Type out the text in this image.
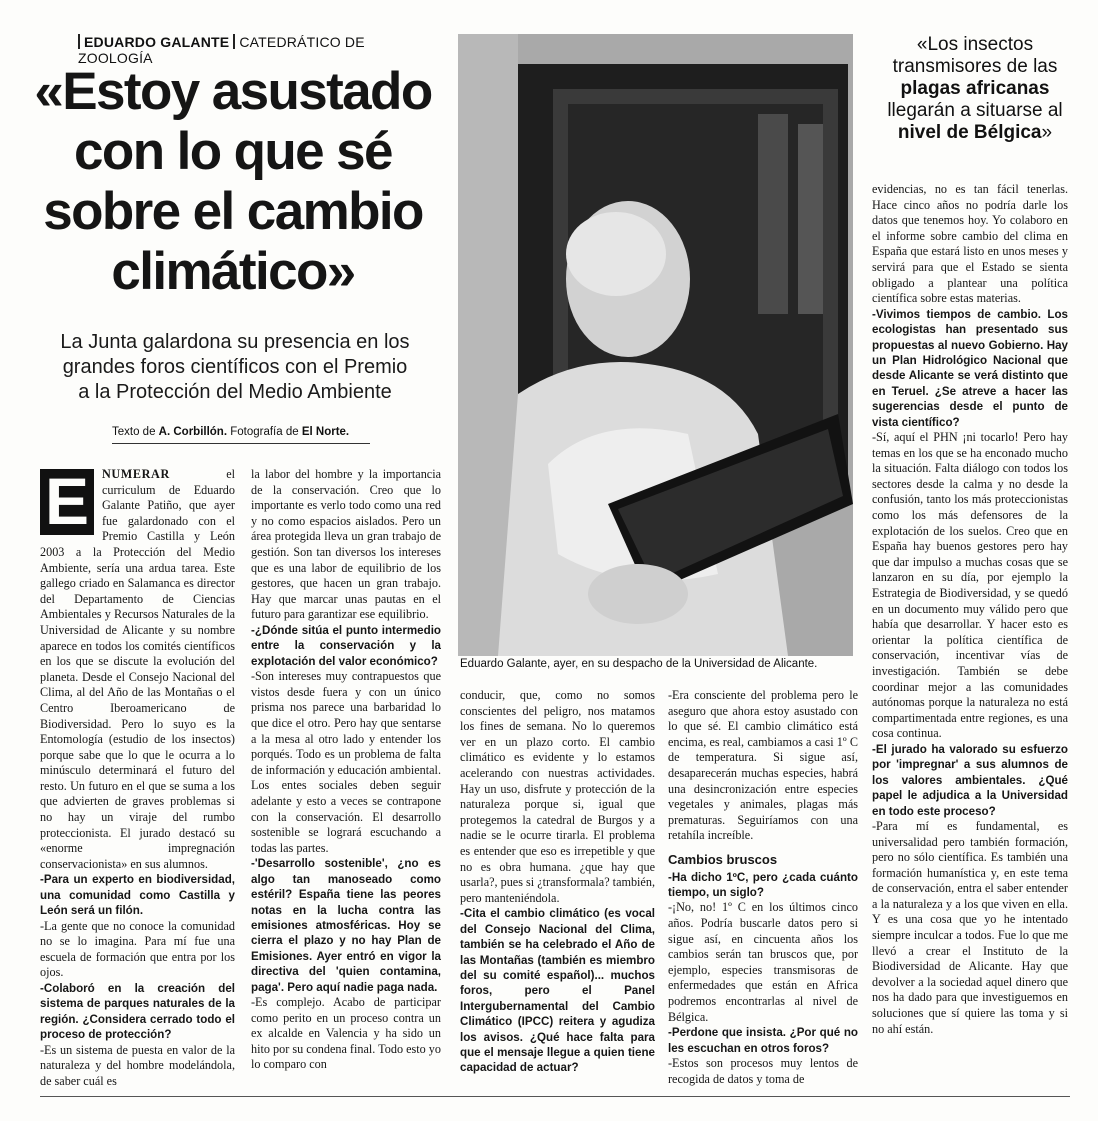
EDUARDO GALANTE CATEDRÁTICO DE ZOOLOGÍA
«Estoy asustado
con lo que sé
sobre el cambio
climático»
La Junta galardona su presencia en los
grandes foros científicos con el Premio
a la Protección del Medio Ambiente
Texto de A. Corbillón. Fotografía de El Norte.
Eduardo Galante, ayer, en su despacho de la Universidad de Alicante.
«Los insectos transmisores de las plagas africanas llegarán a situarse al nivel de Bélgica»

E	NUMERAR el curriculum de Eduardo Galante Patiño, que ayer fue galardonado con el Premio Castilla y León 2003 a la Protección del Medio Ambiente, sería una ardua tarea. Este gallego criado en Salamanca es director del Departamento de Ciencias Ambientales y Recursos Naturales de la Universidad de Alicante y su nombre aparece en todos los comités científicos en los que se discute la evolución del planeta. Desde el Consejo Nacional del Clima, al del Año de las Montañas o el Centro Iberoamericano de Biodiversidad. Pero lo suyo es la Entomología (estudio de los insectos) porque sabe que lo que le ocurra a lo minúsculo determinará el futuro del resto. Un futuro en el que se suma a los que advierten de graves problemas si no hay un viraje del rumbo proteccionista. El jurado destacó su «enorme impregnación conservacionista» en sus alumnos.

-Para un experto en biodiversidad, una comunidad como Castilla y León será un filón.

-La gente que no conoce la comunidad no se lo imagina. Para mí fue una escuela de formación que entra por los ojos.

-Colaboró en la creación del sistema de parques naturales de la región. ¿Considera cerrado todo el proceso de protección?

-Es un sistema de puesta en valor de la naturaleza y del hombre modelándola, de saber cuál es

la labor del hombre y la importancia de la conservación. Creo que lo importante es verlo todo como una red y no como espacios aislados. Pero un área protegida lleva un gran trabajo de gestión. Son tan diversos los intereses que es una labor de equilibrio de los gestores, que hacen un gran trabajo. Hay que marcar unas pautas en el futuro para garantizar ese equilibrio.

-¿Dónde sitúa el punto intermedio entre la conservación y la explotación del valor económico?

-Son intereses muy contrapuestos que vistos desde fuera y con un único prisma nos parece una barbaridad lo que dice el otro. Pero hay que sentarse a la mesa al otro lado y entender los porqués. Todo es un problema de falta de información y educación ambiental. Los entes sociales deben seguir adelante y esto a veces se contrapone con la conservación. El desarrollo sostenible se logrará escuchando a todas las partes.

-'Desarrollo sostenible', ¿no es algo tan manoseado como estéril? España tiene las peores notas en la lucha contra las emisiones atmosféricas. Hoy se cierra el plazo y no hay Plan de Emisiones. Ayer entró en vigor la directiva del 'quien contamina, paga'. Pero aquí nadie paga nada.

-Es complejo. Acabo de participar como perito en un proceso contra un ex alcalde en Valencia y ha sido un hito por su condena final. Todo esto yo lo comparo con

conducir, que, como no somos conscientes del peligro, nos matamos los fines de semana. No lo queremos ver en un plazo corto. El cambio climático es evidente y lo estamos acelerando con nuestras actividades. Hay un uso, disfrute y protección de la naturaleza porque si, igual que protegemos la catedral de Burgos y a nadie se le ocurre tirarla. El problema es entender que eso es irrepetible y que no es obra humana. ¿que hay que usarla?, pues si ¿transformala? también, pero manteniéndola.

-Cita el cambio climático (es vocal del Consejo Nacional del Clima, también se ha celebrado el Año de las Montañas (también es miembro del su comité español)... muchos foros, pero el Panel Intergubernamental del Cambio Climático (IPCC) reitera y agudiza los avisos. ¿Qué hace falta para que el mensaje llegue a quien tiene capacidad de actuar?

-Era consciente del problema pero le aseguro que ahora estoy asustado con lo que sé. El cambio climático está encima, es real, cambiamos a casi 1º C de temperatura. Si sigue así, desaparecerán muchas especies, habrá una desincronización entre especies vegetales y animales, plagas más prematuras. Seguiríamos con una retahíla increíble.

Cambios bruscos

-Ha dicho 1ºC, pero ¿cada cuánto tiempo, un siglo?

-¡No, no! 1º C en los últimos cinco años. Podría buscarle datos pero si sigue así, en cincuenta años los cambios serán tan bruscos que, por ejemplo, especies transmisoras de enfermedades que están en Africa podremos encontrarlas al nivel de Bélgica.

-Perdone que insista. ¿Por qué no les escuchan en otros foros?

-Estos son procesos muy lentos de recogida de datos y toma de

evidencias, no es tan fácil tenerlas. Hace cinco años no podría darle los datos que tenemos hoy. Yo colaboro en el informe sobre cambio del clima en España que estará listo en unos meses y servirá para que el Estado se sienta obligado a plantear una política científica sobre estas materias.

-Vivimos tiempos de cambio. Los ecologistas han presentado sus propuestas al nuevo Gobierno. Hay un Plan Hidrológico Nacional que desde Alicante se verá distinto que en Teruel. ¿Se atreve a hacer las sugerencias desde el punto de vista científico?

-Sí, aquí el PHN ¡ni tocarlo! Pero hay temas en los que se ha enconado mucho la situación. Falta diálogo con todos los sectores desde la calma y no desde la confusión, tanto los más proteccionistas como los más defensores de la explotación de los suelos. Creo que en España hay buenos gestores pero hay que dar impulso a muchas cosas que se lanzaron en su día, por ejemplo la Estrategia de Biodiversidad, y se quedó en un documento muy válido pero que había que desarrollar. Y hacer esto es orientar la política científica de conservación, incentivar vías de investigación. También se debe coordinar mejor a las comunidades autónomas porque la naturaleza no está compartimentada entre regiones, es una cosa continua.

-El jurado ha valorado su esfuerzo por 'impregnar' a sus alumnos de los valores ambientales. ¿Qué papel le adjudica a la Universidad en todo este proceso?

-Para mí es fundamental, es universalidad pero también formación, pero no sólo científica. Es también una formación humanística y, en este tema de conservación, entra el saber entender a la naturaleza y a los que viven en ella. Y es una cosa que yo he intentado siempre inculcar a todos. Fue lo que me llevó a crear el Instituto de la Biodiversidad de Alicante. Hay que devolver a la sociedad aquel dinero que nos ha dado para que investiguemos en soluciones que sí quiere las toma y si no ahí están.
